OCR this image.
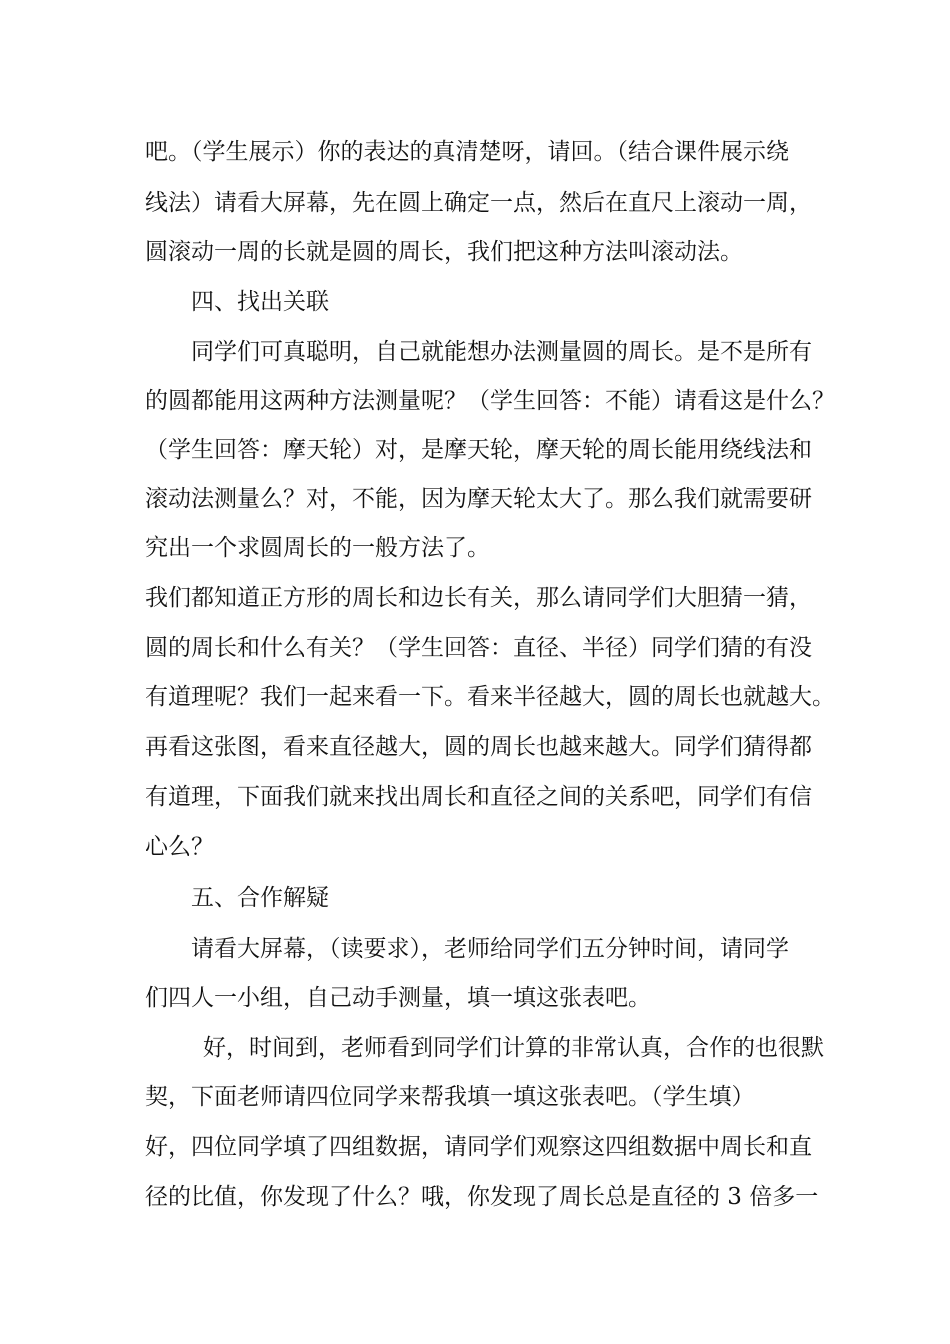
吧。（学生展示）你的表达的真清楚呀，请回。（结合课件展示绕

线法）请看大屏幕，先在圆上确定一点，然后在直尺上滚动一周，

圆滚动一周的长就是圆的周长，我们把这种方法叫滚动法。

四、找出关联

同学们可真聪明，自己就能想办法测量圆的周长。是不是所有

的圆都能用这两种方法测量呢？（学生回答：不能）请看这是什么？

（学生回答：摩天轮）对，是摩天轮，摩天轮的周长能用绕线法和

滚动法测量么？对，不能，因为摩天轮太大了。那么我们就需要研

究出一个求圆周长的一般方法了。

我们都知道正方形的周长和边长有关，那么请同学们大胆猜一猜，

圆的周长和什么有关？（学生回答：直径、半径）同学们猜的有没

有道理呢？我们一起来看一下。看来半径越大，圆的周长也就越大。

再看这张图，看来直径越大，圆的周长也越来越大。同学们猜得都

有道理，下面我们就来找出周长和直径之间的关系吧，同学们有信

心么？

五、合作解疑

请看大屏幕，（读要求），老师给同学们五分钟时间，请同学

们四人一小组，自己动手测量，填一填这张表吧。

好，时间到，老师看到同学们计算的非常认真，合作的也很默

契，下面老师请四位同学来帮我填一填这张表吧。（学生填）

好，四位同学填了四组数据，请同学们观察这四组数据中周长和直

径的比值，你发现了什么？哦，你发现了周长总是直径的 3 倍多一
